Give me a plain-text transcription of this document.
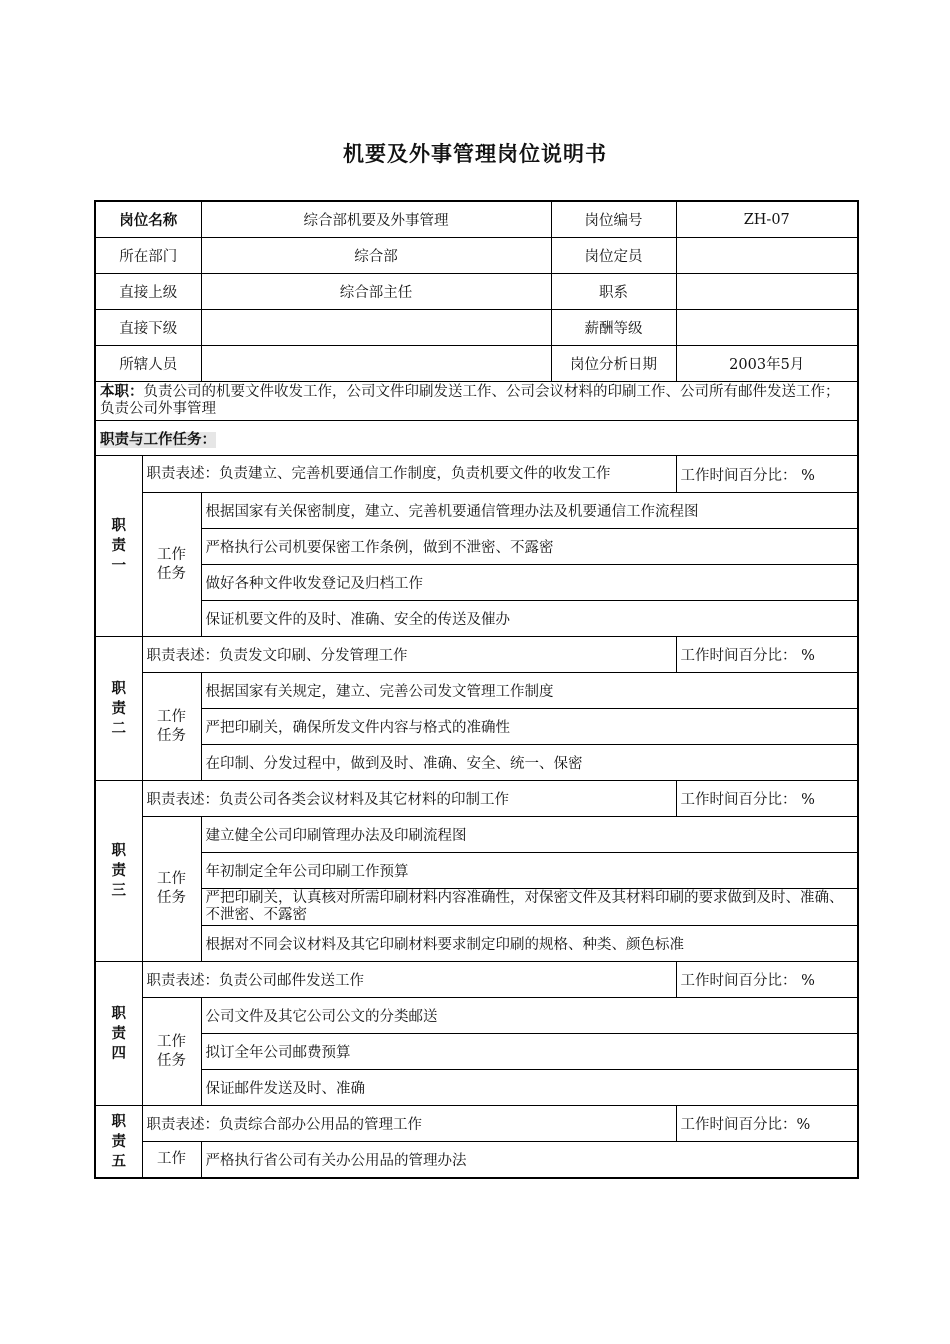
机要及外事管理岗位说明书
岗位名称		综合部机要及外事管理	岗位编号	ZH-07
所在部门		综合部	岗位定员	
直接上级		综合部主任	职系	
直接下级			薪酬等级	
所辖人员			岗位分析日期	2003年5月
本职：负责公司的机要文件收发工作，公司文件印刷发送工作、公司会议材料的印刷工作、公司所有邮件发送工作；负责公司外事管理				
职责与工作任务：				
职责一	职责表述：负责建立、完善机要通信工作制度，负责机要文件的收发工作			工作时间百分比： %
	工作任务	根据国家有关保密制度，建立、完善机要通信管理办法及机要通信工作流程图		
		严格执行公司机要保密工作条例，做到不泄密、不露密		
		做好各种文件收发登记及归档工作		
		保证机要文件的及时、准确、安全的传送及催办		
职责二	职责表述：负责发文印刷、分发管理工作			工作时间百分比： %
	工作任务	根据国家有关规定，建立、完善公司发文管理工作制度		
		严把印刷关，确保所发文件内容与格式的准确性		
		在印制、分发过程中，做到及时、准确、安全、统一、保密		
职责三	职责表述：负责公司各类会议材料及其它材料的印制工作			工作时间百分比： %
	工作任务	建立健全公司印刷管理办法及印刷流程图		
		年初制定全年公司印刷工作预算		
		严把印刷关，认真核对所需印刷材料内容准确性，对保密文件及其材料印刷的要求做到及时、准确、不泄密、不露密		
		根据对不同会议材料及其它印刷材料要求制定印刷的规格、种类、颜色标准		
职责四	职责表述：负责公司邮件发送工作			工作时间百分比： %
	工作任务	公司文件及其它公司公文的分类邮送		
		拟订全年公司邮费预算		
		保证邮件发送及时、准确		
职责五	职责表述：负责综合部办公用品的管理工作			工作时间百分比：%
	工作	严格执行省公司有关办公用品的管理办法		
